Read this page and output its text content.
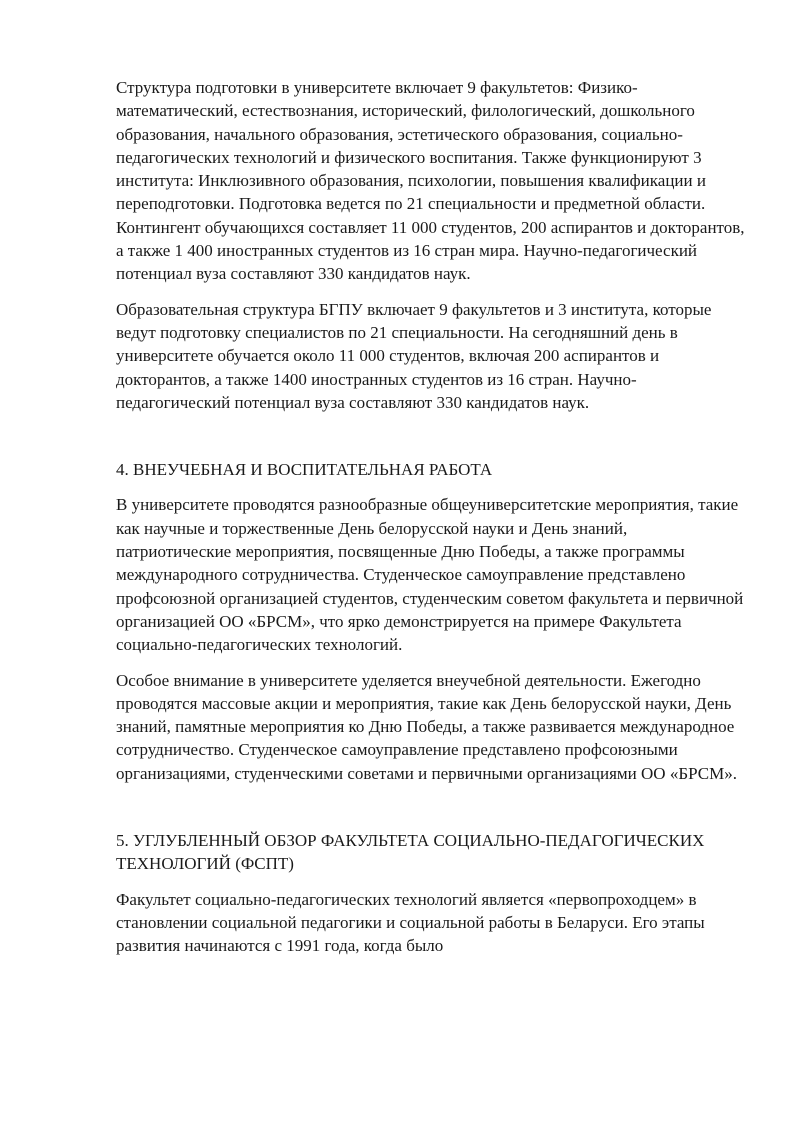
Структура подготовки в университете включает 9 факультетов: Физико-математический, естествознания, исторический, филологический, дошкольного образования, начального образования, эстетического образования, социально-педагогических технологий и физического воспитания. Также функционируют 3 института: Инклюзивного образования, психологии, повышения квалификации и переподготовки. Подготовка ведется по 21 специальности и предметной области. Контингент обучающихся составляет 11 000 студентов, 200 аспирантов и докторантов, а также 1 400 иностранных студентов из 16 стран мира. Научно-педагогический потенциал вуза составляют 330 кандидатов наук.

Образовательная структура БГПУ включает 9 факультетов и 3 института, которые ведут подготовку специалистов по 21 специальности. На сегодняшний день в университете обучается около 11 000 студентов, включая 200 аспирантов и докторантов, а также 1400 иностранных студентов из 16 стран. Научно-педагогический потенциал вуза составляют 330 кандидатов наук.

4. ВНЕУЧЕБНАЯ И ВОСПИТАТЕЛЬНАЯ РАБОТА

В университете проводятся разнообразные общеуниверситетские мероприятия, такие как научные и торжественные День белорусской науки и День знаний, патриотические мероприятия, посвященные Дню Победы, а также программы международного сотрудничества. Студенческое самоуправление представлено профсоюзной организацией студентов, студенческим советом факультета и первичной организацией ОО «БРСМ», что ярко демонстрируется на примере Факультета социально-педагогических технологий.

Особое внимание в университете уделяется внеучебной деятельности. Ежегодно проводятся массовые акции и мероприятия, такие как День белорусской науки, День знаний, памятные мероприятия ко Дню Победы, а также развивается международное сотрудничество. Студенческое самоуправление представлено профсоюзными организациями, студенческими советами и первичными организациями ОО «БРСМ».

5. УГЛУБЛЕННЫЙ ОБЗОР ФАКУЛЬТЕТА СОЦИАЛЬНО-ПЕДАГОГИЧЕСКИХ ТЕХНОЛОГИЙ (ФСПТ)

Факультет социально-педагогических технологий является «первопроходцем» в становлении социальной педагогики и социальной работы в Беларуси. Его этапы развития начинаются с 1991 года, когда было
